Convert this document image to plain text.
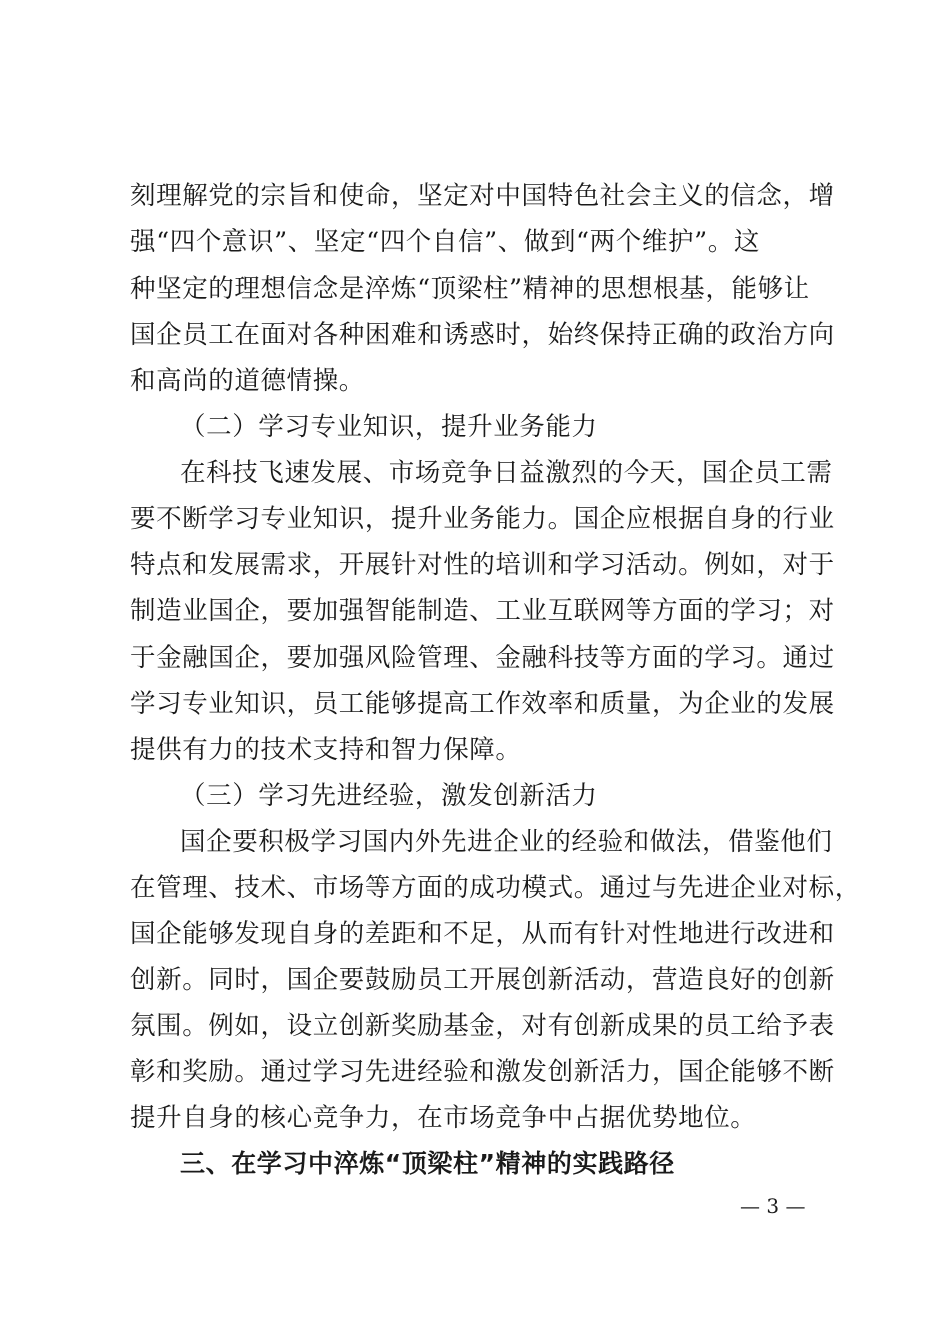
刻理解党的宗旨和使命，坚定对中国特色社会主义的信念，增
强“四个意识”、坚定“四个自信”、做到“两个维护”。这
种坚定的理想信念是淬炼“顶梁柱”精神的思想根基，能够让
国企员工在面对各种困难和诱惑时，始终保持正确的政治方向
和高尚的道德情操。
（二）学习专业知识，提升业务能力
在科技飞速发展、市场竞争日益激烈的今天，国企员工需
要不断学习专业知识，提升业务能力。国企应根据自身的行业
特点和发展需求，开展针对性的培训和学习活动。例如，对于
制造业国企，要加强智能制造、工业互联网等方面的学习；对
于金融国企，要加强风险管理、金融科技等方面的学习。通过
学习专业知识，员工能够提高工作效率和质量，为企业的发展
提供有力的技术支持和智力保障。
（三）学习先进经验，激发创新活力
国企要积极学习国内外先进企业的经验和做法，借鉴他们
在管理、技术、市场等方面的成功模式。通过与先进企业对标，
国企能够发现自身的差距和不足，从而有针对性地进行改进和
创新。同时，国企要鼓励员工开展创新活动，营造良好的创新
氛围。例如，设立创新奖励基金，对有创新成果的员工给予表
彰和奖励。通过学习先进经验和激发创新活力，国企能够不断
提升自身的核心竞争力，在市场竞争中占据优势地位。
三、在学习中淬炼“顶梁柱”精神的实践路径
— 3 —
